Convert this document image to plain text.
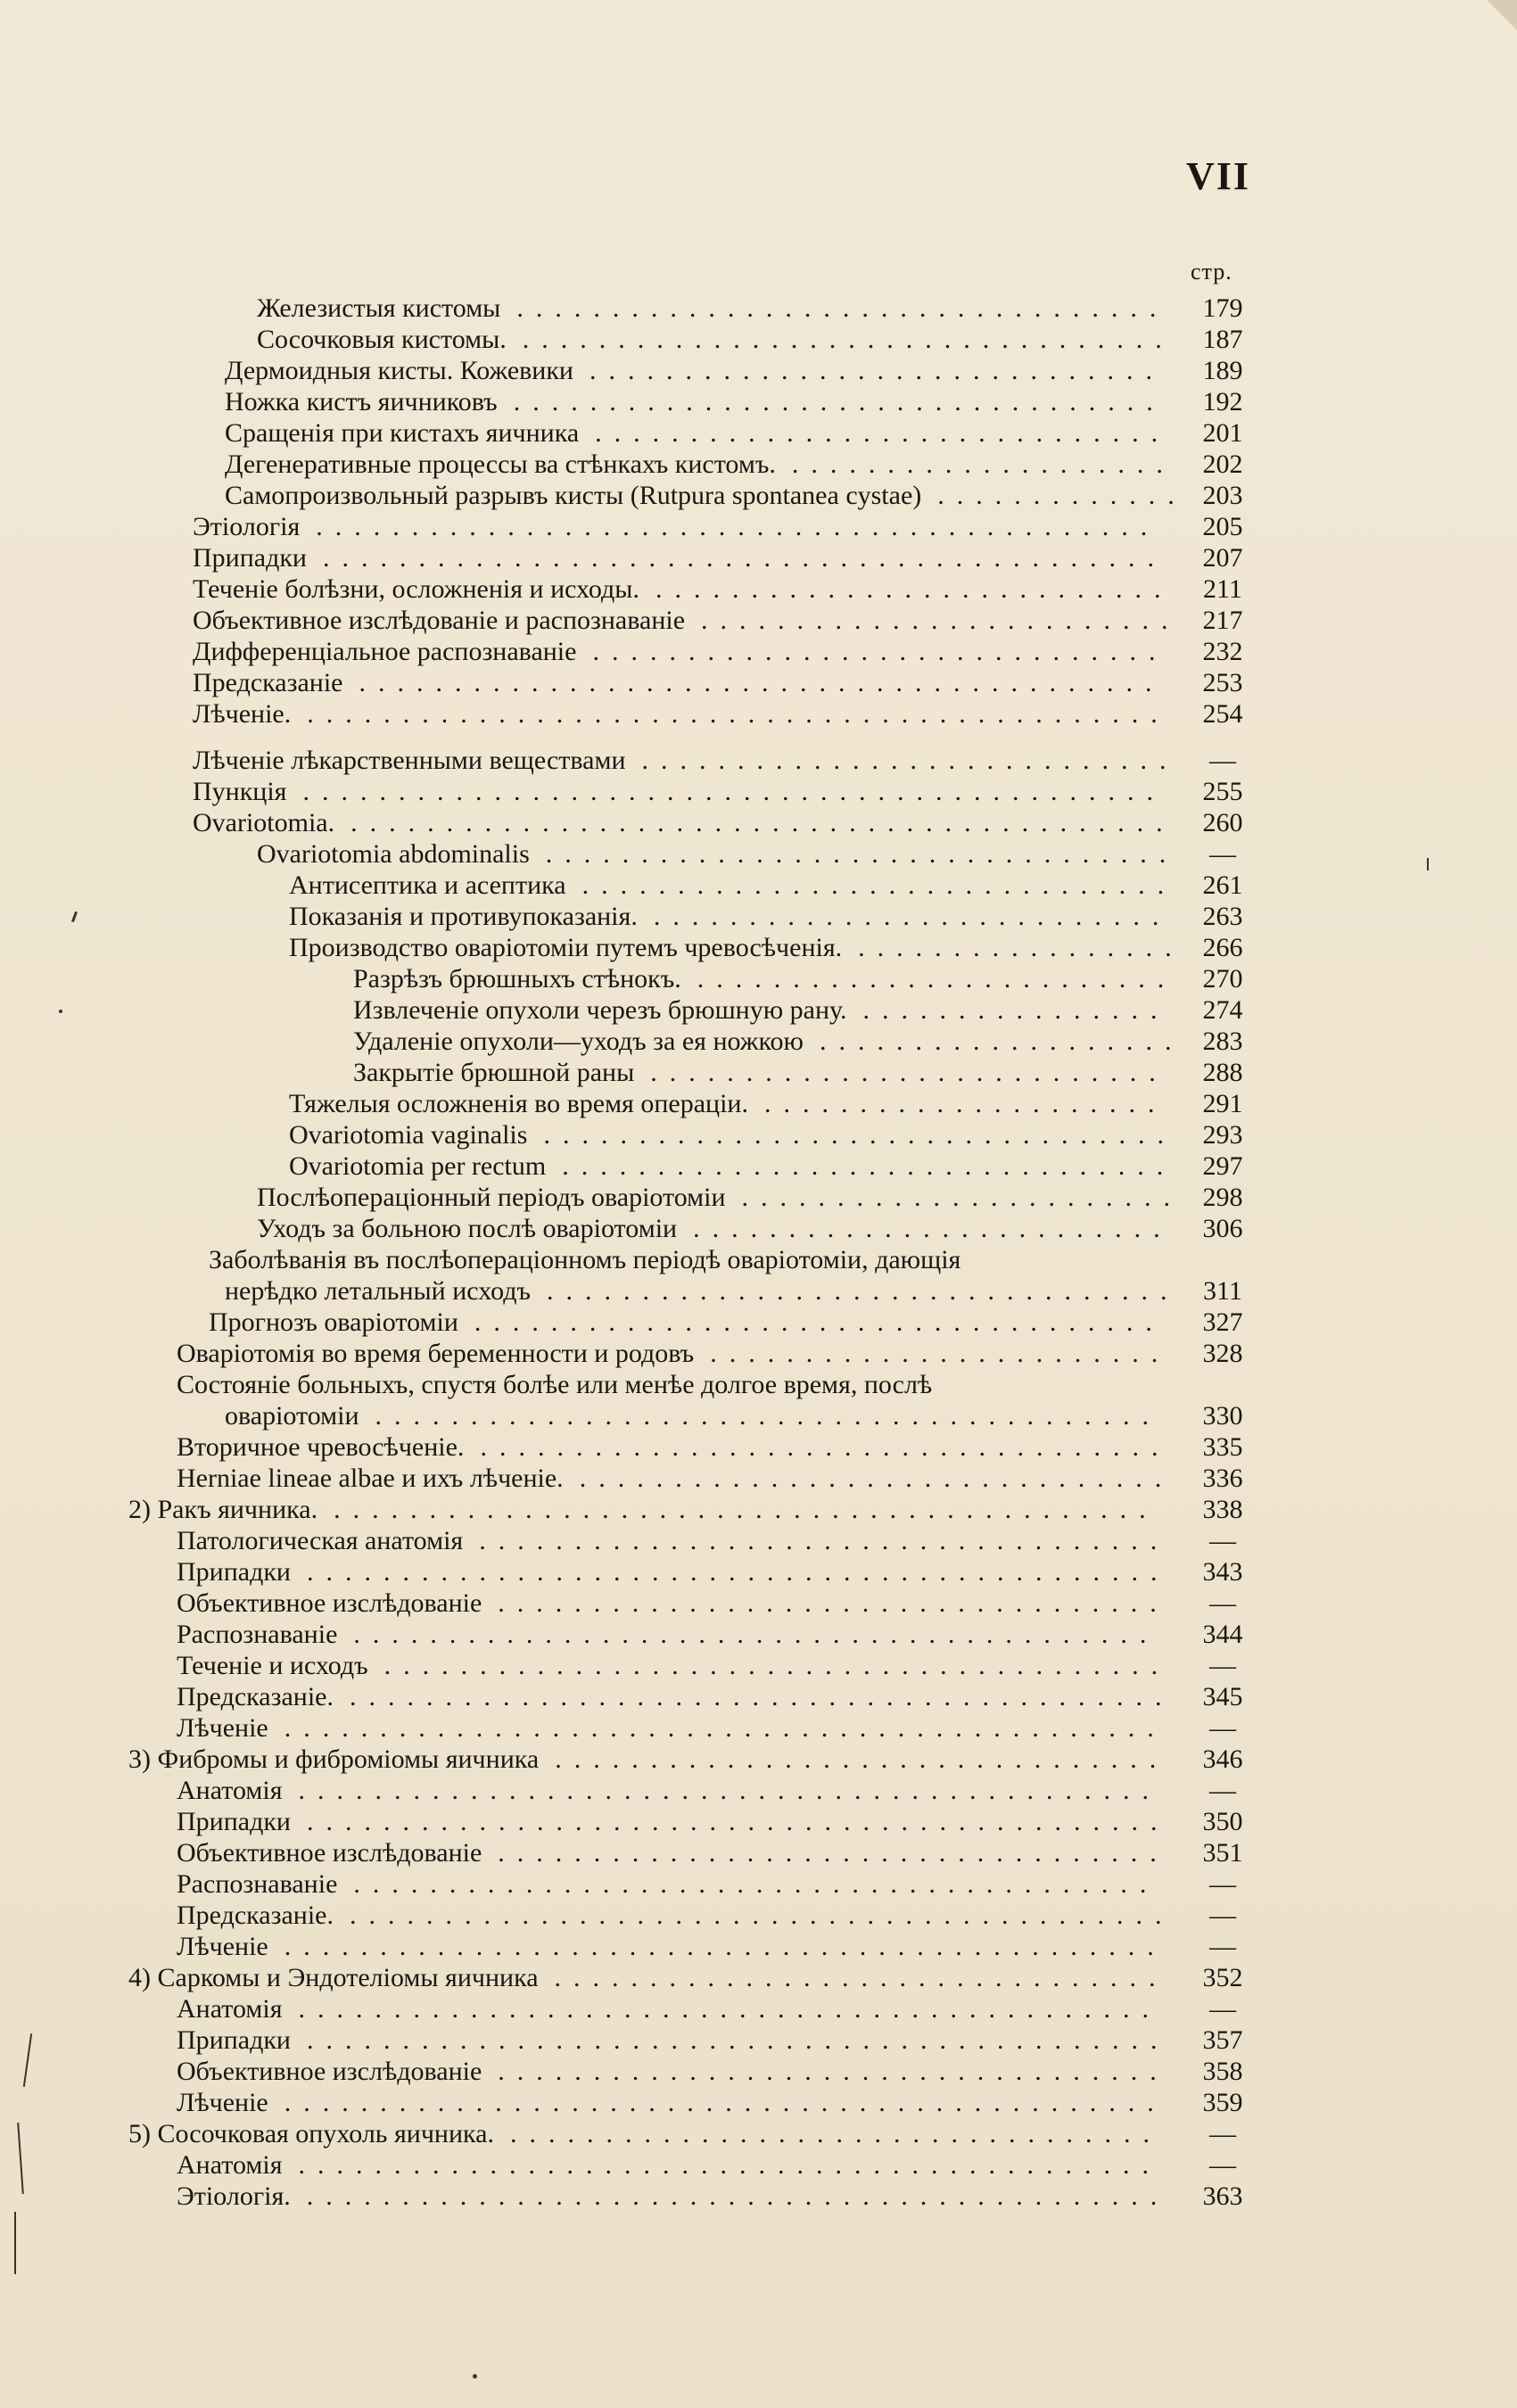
VII
стр.
Железистыя кистомы .................................. 179
Сосочковыя кистомы. .................................. 187
Дермоидныя кисты. Кожевики .............................. 189
Ножка кистъ яичниковъ .................................. 192
Сращенія при кистахъ яичника .............................. 201
Дегенеративные процессы ва стѣнкахъ кистомъ. .................... 202
Самопроизвольный разрывъ кисты (Rutpura spontanea cystae) ............. 203
Этіологія ............................................ 205
Припадки ............................................ 207
Теченіе болѣзни, осложненія и исходы. ...........................	211
Объективное изслѣдованіе и распознаваніе ......................... 217
Дифференціальное распознаваніе .............................. 232
Предсказаніе .......................................... 253
Лѣченіе. ............................................. 254
Лѣченіе лѣкарственными веществами ............................	—
Пункція ............................................. 255
Ovariotomia. ........................................... 260
Ovariotomia abdominalis .................................	—
Антисептика и асептика ............................... 261
Показанія и противупоказанія. ........................... 263
Производство оваріотоміи путемъ чревосѣченія. ................. 266
Разрѣзъ брюшныхъ стѣнокъ. ......................... 270
Извлеченіе опухоли черезъ брюшную рану. ................ 274
Удаленіе опухоли—уходъ за ея ножкою ................... 283
Закрытіе брюшной раны ........................... 288
Тяжелыя осложненія во время операціи. ..................... 291
Ovariotomia vaginalis ................................. 293
Ovariotomia per rectum ................................ 297
Послѣоперaціонный періодъ оваріотоміи ....................... 298
Уходъ за больною послѣ оваріотоміи ......................... 306
Заболѣванія въ послѣопераціонномъ періодѣ оваріотоміи, дающія
нерѣдко летальный исходъ ................................. 311
Прогнозъ оваріотоміи .................................... 327
Оваріотомія во время беременности и родовъ ........................ 328
Состояніе больныхъ, спустя болѣе или менѣе долгое время, послѣ
оваріотоміи ......................................... 330
Вторичное чревосѣченіе. .................................... 335
Herniae lineae albae и ихъ лѣченіе. ............................... 336
2) Ракъ яичника. ........................................... 338
Патологическая анатомія ....................................	—
Припадки ............................................. 343
Объективное изслѣдованіе ...................................	—
Распознаваніе .......................................... 344
Теченіе и исходъ .........................................	—
Предсказаніе. ........................................... 345
Лѣченіе ..............................................	—
3) Фибромы и фиброміомы яичника ................................ 346
Анатомія .............................................	—
Припадки ............................................. 350
Объективное изслѣдованіе ................................... 351
Распознаваніе ..........................................	—
Предсказаніе. ...........................................	—
Лѣченіе ..............................................	—
4) Саркомы и Эндотеліомы яичника ................................ 352
Анатомія .............................................	—
Припадки ............................................. 357
Объективное изслѣдованіе ................................... 358
Лѣченіе .............................................. 359
5) Сосочковая опухоль яичника. ..................................	—
Анатомія .............................................	—
Этіологія. ............................................. 363
